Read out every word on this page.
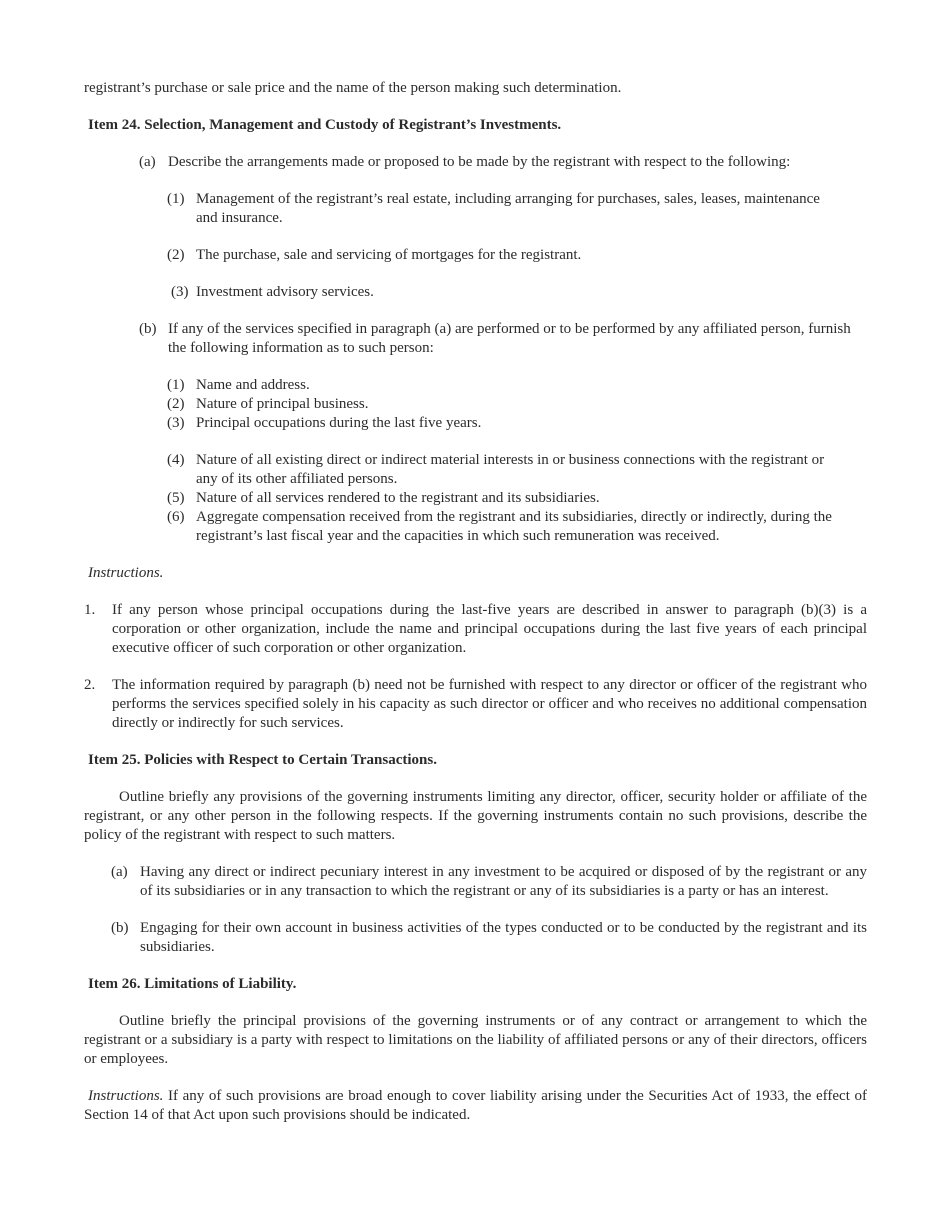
registrant’s purchase or sale price and the name of the person making such determination.

Item 24. Selection, Management and Custody of Registrant’s Investments.

(a) Describe the arrangements made or proposed to be made by the registrant with respect to the following:

(1) Management of the registrant’s real estate, including arranging for purchases, sales, leases, maintenance and insurance.

(2) The purchase, sale and servicing of mortgages for the registrant.

(3) Investment advisory services.

(b) If any of the services specified in paragraph (a) are performed or to be performed by any affiliated person, furnish the following information as to such person:

(1) Name and address.

(2) Nature of principal business.

(3) Principal occupations during the last five years.

(4) Nature of all existing direct or indirect material interests in or business connections with the registrant or any of its other affiliated persons.

(5) Nature of all services rendered to the registrant and its subsidiaries.

(6) Aggregate compensation received from the registrant and its subsidiaries, directly or indirectly, during the registrant’s last fiscal year and the capacities in which such remuneration was received.

Instructions.

1. If any person whose principal occupations during the last-five years are described in answer to paragraph (b)(3) is a corporation or other organization, include the name and principal occupations during the last five years of each principal executive officer of such corporation or other organization.

2. The information required by paragraph (b) need not be furnished with respect to any director or officer of the registrant who performs the services specified solely in his capacity as such director or officer and who receives no additional compensation directly or indirectly for such services.

Item 25. Policies with Respect to Certain Transactions.

Outline briefly any provisions of the governing instruments limiting any director, officer, security holder or affiliate of the registrant, or any other person in the following respects. If the governing instruments contain no such provisions, describe the policy of the registrant with respect to such matters.

(a) Having any direct or indirect pecuniary interest in any investment to be acquired or disposed of by the registrant or any of its subsidiaries or in any transaction to which the registrant or any of its subsidiaries is a party or has an interest.

(b) Engaging for their own account in business activities of the types conducted or to be conducted by the registrant and its subsidiaries.

Item 26. Limitations of Liability.

Outline briefly the principal provisions of the governing instruments or of any contract or arrangement to which the registrant or a subsidiary is a party with respect to limitations on the liability of affiliated persons or any of their directors, officers or employees.

Instructions. If any of such provisions are broad enough to cover liability arising under the Securities Act of 1933, the effect of Section 14 of that Act upon such provisions should be indicated.
